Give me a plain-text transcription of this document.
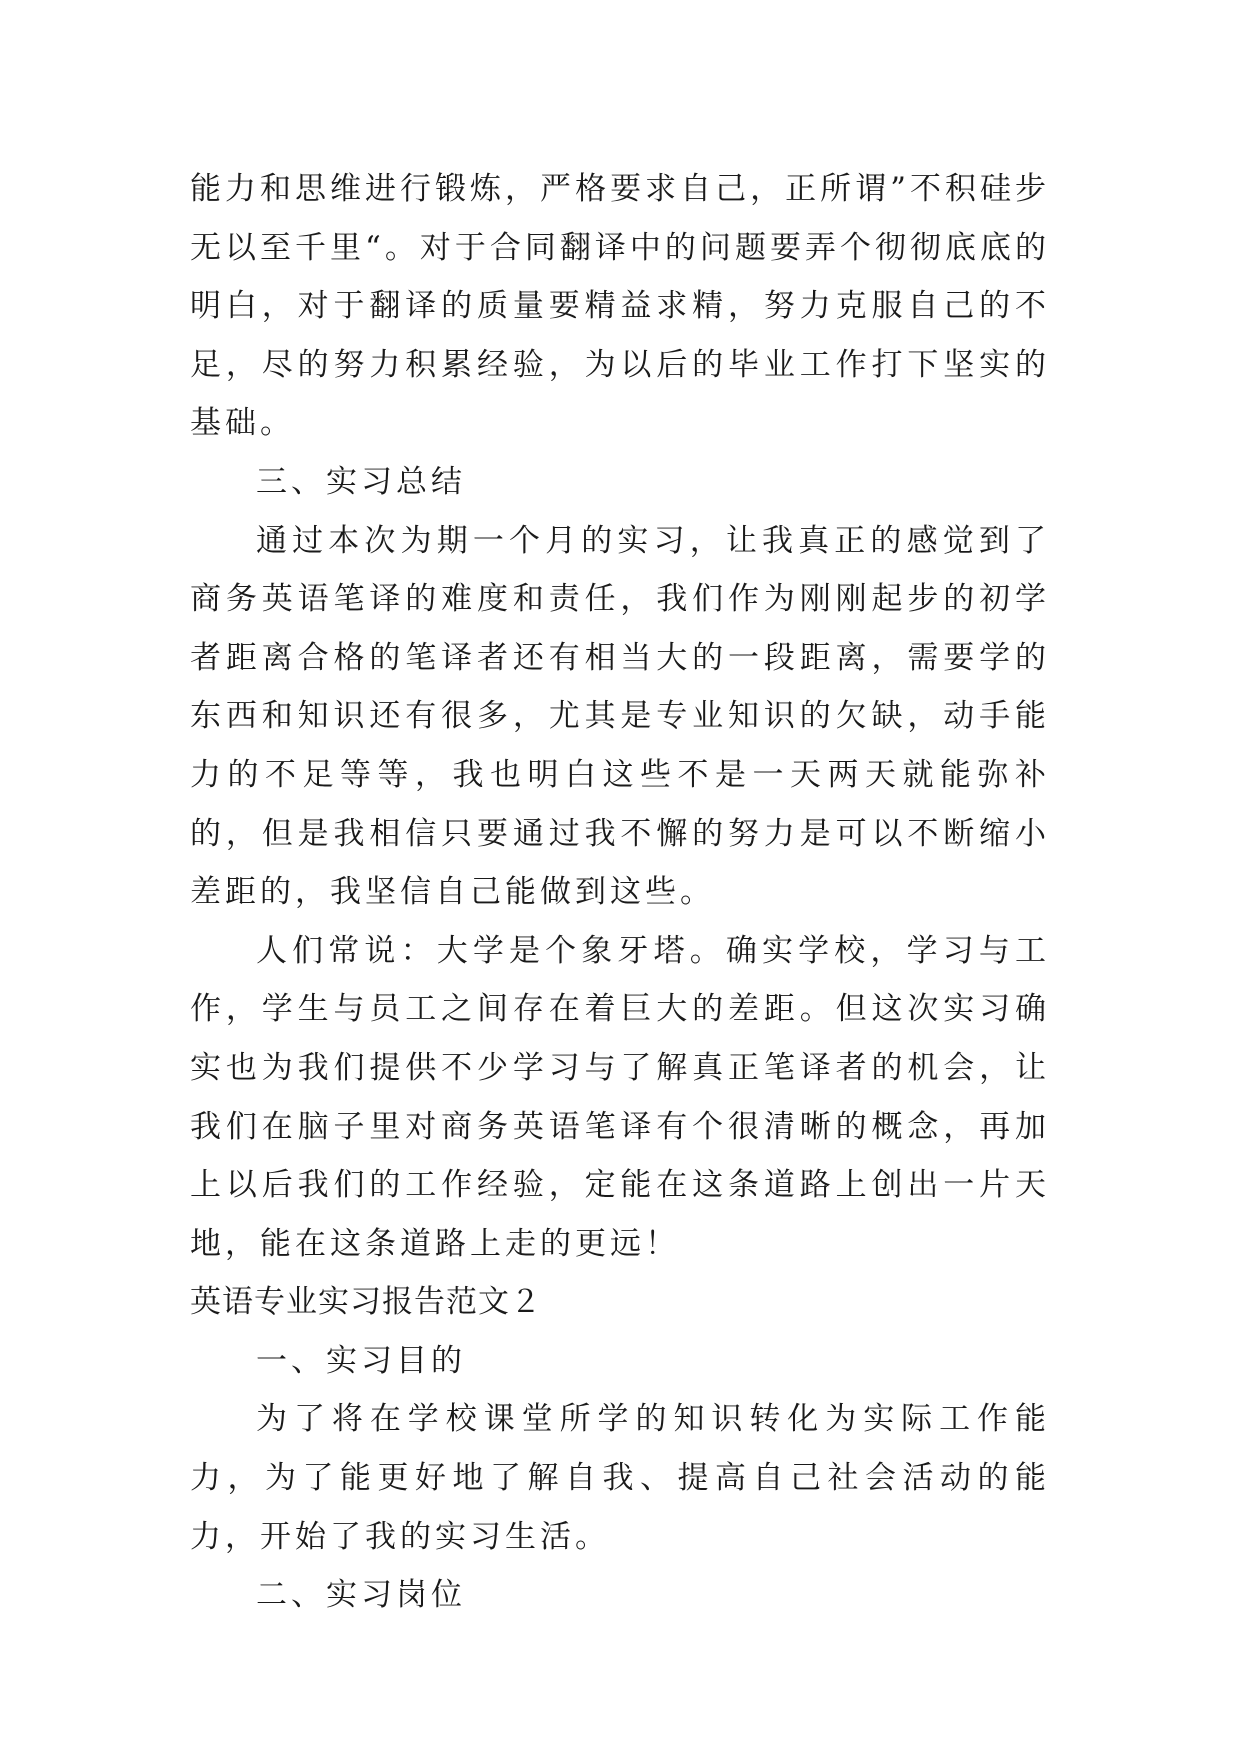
能力和思维进行锻炼，严格要求自己，正所谓”不积硅步无以至千里“。对于合同翻译中的问题要弄个彻彻底底的明白，对于翻译的质量要精益求精，努力克服自己的不足，尽的努力积累经验，为以后的毕业工作打下坚实的基础。

三、实习总结

通过本次为期一个月的实习，让我真正的感觉到了商务英语笔译的难度和责任，我们作为刚刚起步的初学者距离合格的笔译者还有相当大的一段距离，需要学的东西和知识还有很多，尤其是专业知识的欠缺，动手能力的不足等等，我也明白这些不是一天两天就能弥补的，但是我相信只要通过我不懈的努力是可以不断缩小差距的，我坚信自己能做到这些。

人们常说：大学是个象牙塔。确实学校，学习与工作，学生与员工之间存在着巨大的差距。但这次实习确实也为我们提供不少学习与了解真正笔译者的机会，让我们在脑子里对商务英语笔译有个很清晰的概念，再加上以后我们的工作经验，定能在这条道路上创出一片天地，能在这条道路上走的更远！

英语专业实习报告范文２

一、实习目的

为了将在学校课堂所学的知识转化为实际工作能力，为了能更好地了解自我、提高自己社会活动的能力，开始了我的实习生活。

二、实习岗位
